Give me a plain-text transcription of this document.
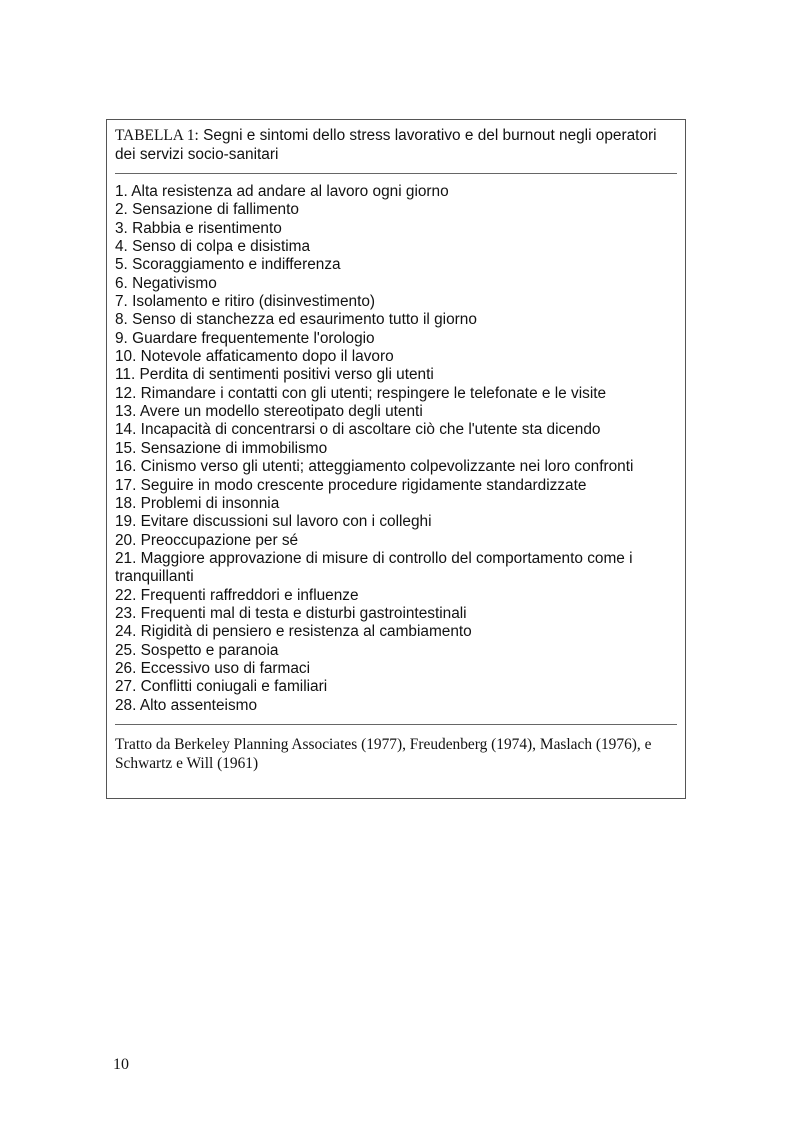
TABELLA 1: Segni e sintomi dello stress lavorativo e del burnout negli operatori dei servizi socio-sanitari

1. Alta resistenza ad andare al lavoro ogni giorno
2. Sensazione di fallimento
3. Rabbia e risentimento
4. Senso di colpa e disistima
5. Scoraggiamento e indifferenza
6. Negativismo
7. Isolamento e ritiro (disinvestimento)
8. Senso di stanchezza ed esaurimento tutto il giorno
9. Guardare frequentemente l'orologio
10. Notevole affaticamento dopo il lavoro
11. Perdita di sentimenti positivi verso gli utenti
12. Rimandare i contatti con gli utenti; respingere le telefonate e le visite
13. Avere un modello stereotipato degli utenti
14. Incapacità di concentrarsi o di ascoltare ciò che l'utente sta dicendo
15. Sensazione di immobilismo
16. Cinismo verso gli utenti; atteggiamento colpevolizzante nei loro confronti
17. Seguire in modo crescente procedure rigidamente standardizzate
18. Problemi di insonnia
19. Evitare discussioni sul lavoro con i colleghi
20. Preoccupazione per sé
21. Maggiore approvazione di misure di controllo del comportamento come i tranquillanti
22. Frequenti raffreddori e influenze
23. Frequenti mal di testa e disturbi gastrointestinali
24. Rigidità di pensiero e resistenza al cambiamento
25. Sospetto e paranoia
26. Eccessivo uso di farmaci
27. Conflitti coniugali e familiari
28. Alto assenteismo

Tratto da Berkeley Planning Associates (1977), Freudenberg (1974), Maslach (1976), e Schwartz e Will (1961)

10
